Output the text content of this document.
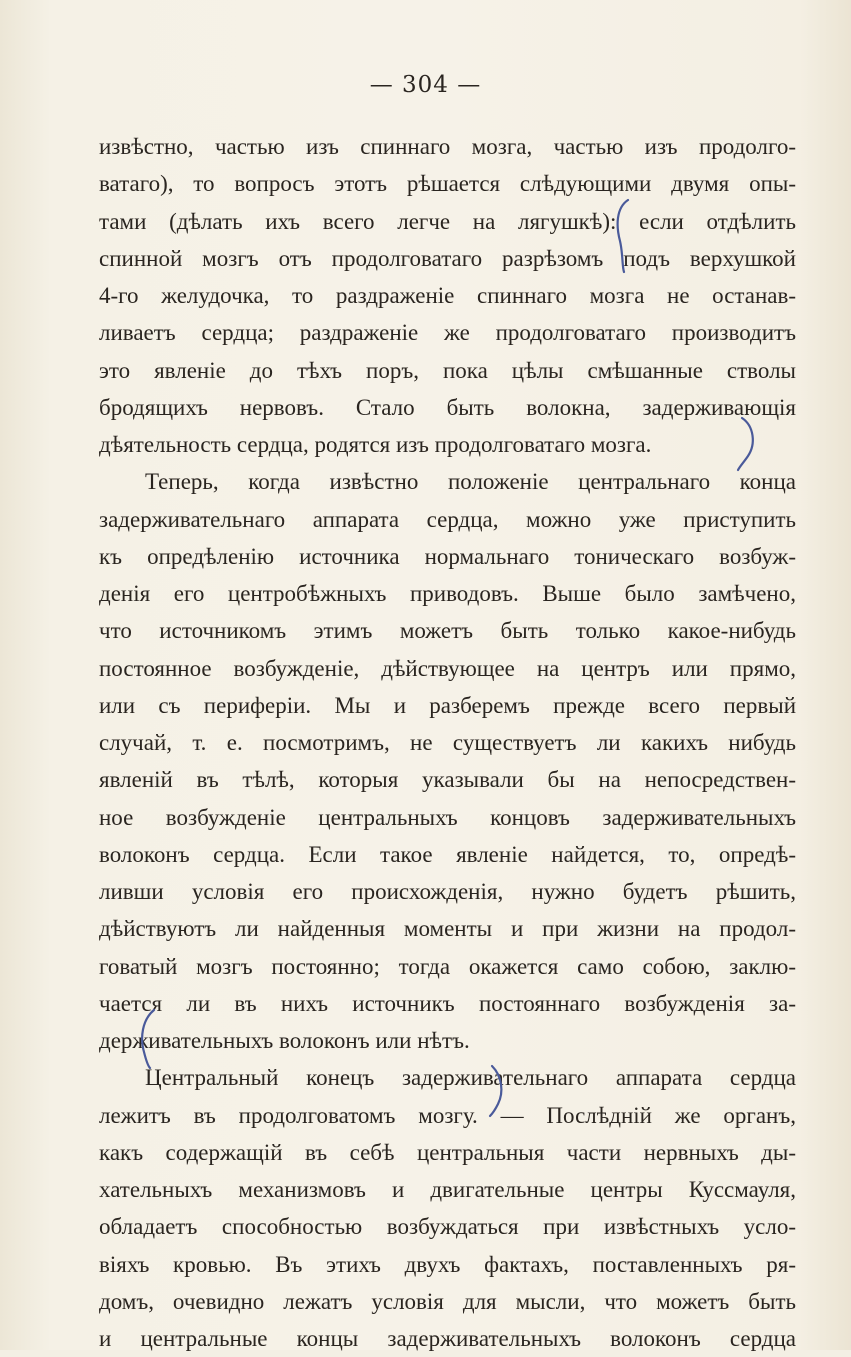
— 304 —
извѣстно, частью изъ спиннаго мозга, частью изъ продолго-
ватаго), то вопросъ этотъ рѣшается слѣдующими двумя опы-
тами (дѣлать ихъ всего легче на лягушкѣ): если отдѣлить
спинной мозгъ отъ продолговатаго разрѣзомъ подъ верхушкой
4-го желудочка, то раздраженіе спиннаго мозга не останав-
ливаетъ сердца; раздраженіе же продолговатаго производитъ
это явленіе до тѣхъ поръ, пока цѣлы смѣшанные стволы
бродящихъ нервовъ. Стало быть волокна, задерживающія
дѣятельность сердца, родятся изъ продолговатаго мозга.
Теперь, когда извѣстно положеніе центральнаго конца
задерживательнаго аппарата сердца, можно уже приступить
къ опредѣленію источника нормальнаго тоническаго возбуж-
денія его центробѣжныхъ приводовъ. Выше было замѣчено,
что источникомъ этимъ можетъ быть только какое-нибудь
постоянное возбужденіе, дѣйствующее на центръ или прямо,
или съ периферіи. Мы и разберемъ прежде всего первый
случай, т. е. посмотримъ, не существуетъ ли какихъ нибудь
явленій въ тѣлѣ, которыя указывали бы на непосредствен-
ное возбужденіе центральныхъ концовъ задерживательныхъ
волоконъ сердца. Если такое явленіе найдется, то, опредѣ-
ливши условія его происхожденія, нужно будетъ рѣшить,
дѣйствуютъ ли найденныя моменты и при жизни на продол-
говатый мозгъ постоянно; тогда окажется само собою, заклю-
чается ли въ нихъ источникъ постояннаго возбужденія за-
держивательныхъ волоконъ или нѣтъ.
Центральный конецъ задерживательнаго аппарата сердца
лежитъ въ продолговатомъ мозгу. — Послѣдній же органъ,
какъ содержащій въ себѣ центральныя части нервныхъ ды-
хательныхъ механизмовъ и двигательные центры Куссмауля,
обладаетъ способностью возбуждаться при извѣстныхъ усло-
віяхъ кровью. Въ этихъ двухъ фактахъ, поставленныхъ ря-
домъ, очевидно лежатъ условія для мысли, что можетъ быть
и центральные концы задерживательныхъ волоконъ сердца
